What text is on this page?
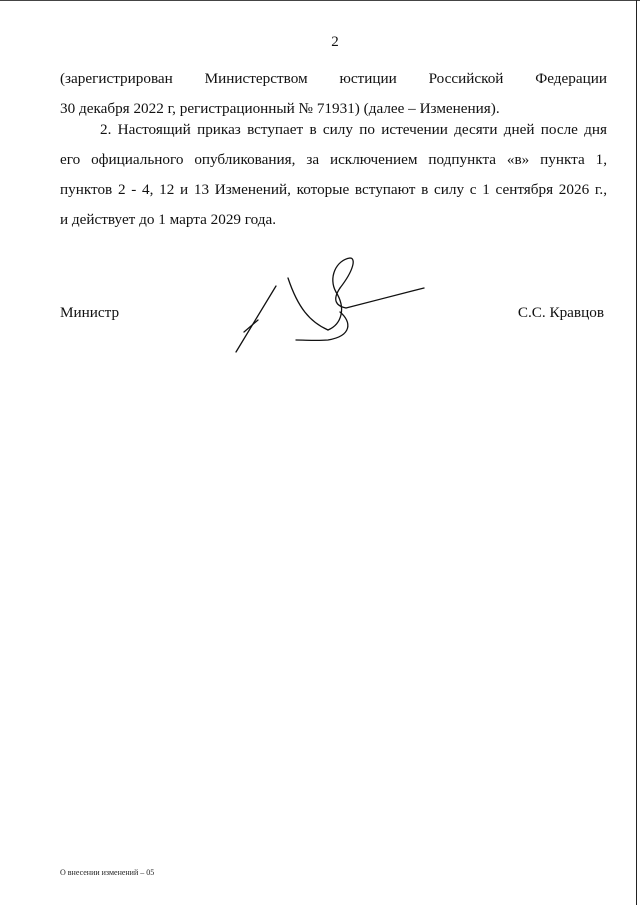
2
(зарегистрирован Министерством юстиции Российской Федерации
30 декабря 2022 г, регистрационный № 71931) (далее – Изменения).
2. Настоящий приказ вступает в силу по истечении десяти дней после дня
его официального опубликования, за исключением подпункта «в» пункта 1,
пунктов 2 - 4, 12 и 13 Изменений, которые вступают в силу с 1 сентября 2026 г.,
и действует до 1 марта 2029 года.
Министр	С.С. Кравцов
О внесении изменений – 05
